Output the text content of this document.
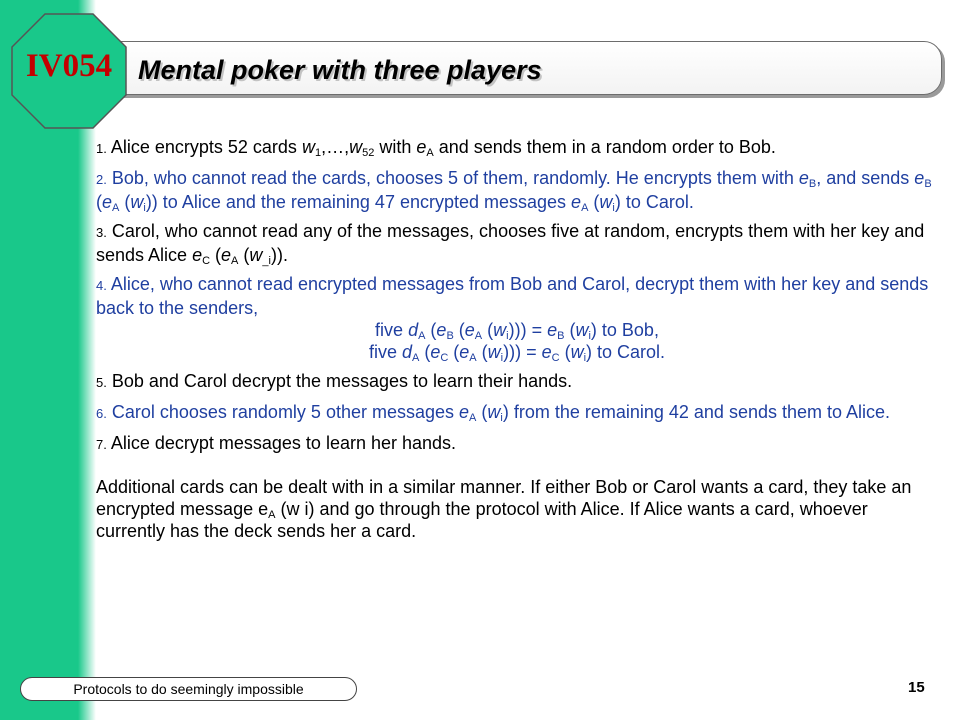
Mental poker with three players
IV054
1. Alice encrypts 52 cards $w_1,\dots,w_{52}$ with $e_A$ and sends them in a random order to Bob.
2. Bob, who cannot read the cards, chooses 5 of them, randomly. He encrypts them with $e_B$, and sends $e_B$ ($e_A$ $(w_i)$) to Alice and the remaining 47 encrypted messages $e_A$ $(w_i)$ to Carol.
3. Carol, who cannot read any of the messages, chooses five at random, encrypts them with her key and sends Alice $e_C$ ($e_A$ $(w_{\_i})$).
4. Alice, who cannot read encrypted messages from Bob and Carol, decrypt them with her key and sends back to the senders,
five $d_A$ ($e_B$ ($e_A$ $(w_i))) = e_B$ $(w_i)$ to Bob,
five $d_A$ ($e_C$ ($e_A$ $(w_i))) = e_C$ $(w_i)$ to Carol.
5. Bob and Carol decrypt the messages to learn their hands.
6. Carol chooses randomly 5 other messages $e_A$ $(w_i)$ from the remaining 42 and sends them to Alice.
7. Alice decrypt messages to learn her hands.
Additional cards can be dealt with in a similar manner. If either Bob or Carol wants a card, they take an encrypted message $e_A$ (w i) and go through the protocol with Alice. If Alice wants a card, whoever currently has the deck sends her a card.
Protocols to do seemingly impossible	15
